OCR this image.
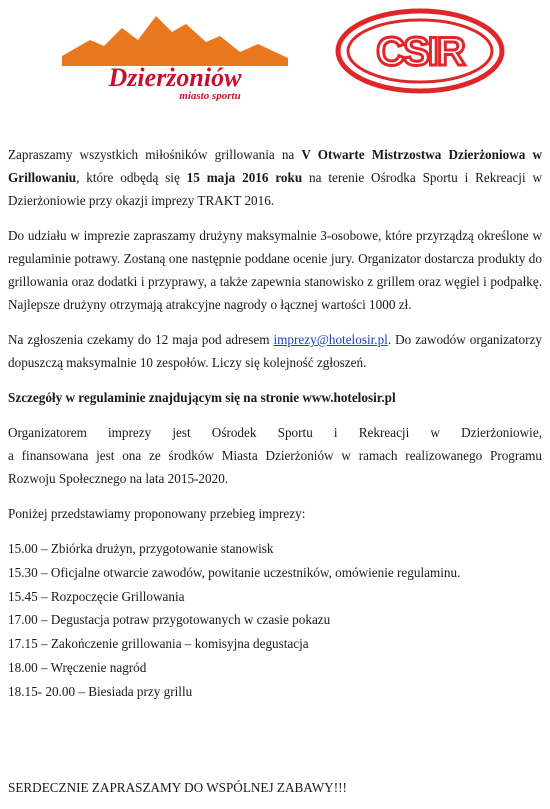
Dzierżoniów
miasto sportu
CSIR

Zapraszamy wszystkich miłośników grillowania na V Otwarte Mistrzostwa Dzierżoniowa w Grillowaniu, które odbędą się 15 maja 2016 roku na terenie Ośrodka Sportu i Rekreacji w Dzierżoniowie przy okazji imprezy TRAKT 2016.

Do udziału w imprezie zapraszamy drużyny maksymalnie 3-osobowe, które przyrządzą określone w regulaminie potrawy. Zostaną one następnie poddane ocenie jury. Organizator dostarcza produkty do grillowania oraz dodatki i przyprawy, a także zapewnia stanowisko z grillem oraz węgiel i podpałkę. Najlepsze drużyny otrzymają atrakcyjne nagrody o łącznej wartości 1000 zł.

Na zgłoszenia czekamy do 12 maja pod adresem imprezy@hotelosir.pl. Do zawodów organizatorzy dopuszczą maksymalnie 10 zespołów. Liczy się kolejność zgłoszeń.

Szczegóły w regulaminie znajdującym się na stronie www.hotelosir.pl

Organizatorem imprezy jest Ośrodek Sportu i Rekreacji w Dzierżoniowie,
a finansowana jest ona ze środków Miasta Dzierżoniów w ramach realizowanego Programu Rozwoju Społecznego na lata 2015-2020.

Poniżej przedstawiamy proponowany przebieg imprezy:

15.00 – Zbiórka drużyn, przygotowanie stanowisk
15.30 – Oficjalne otwarcie zawodów, powitanie uczestników, omówienie regulaminu.
15.45 – Rozpoczęcie Grillowania
17.00 – Degustacja potraw przygotowanych w czasie pokazu
17.15 – Zakończenie grillowania – komisyjna degustacja
18.00 – Wręczenie nagród
18.15- 20.00 – Biesiada przy grillu
SERDECZNIE ZAPRASZAMY DO WSPÓLNEJ ZABAWY!!!
